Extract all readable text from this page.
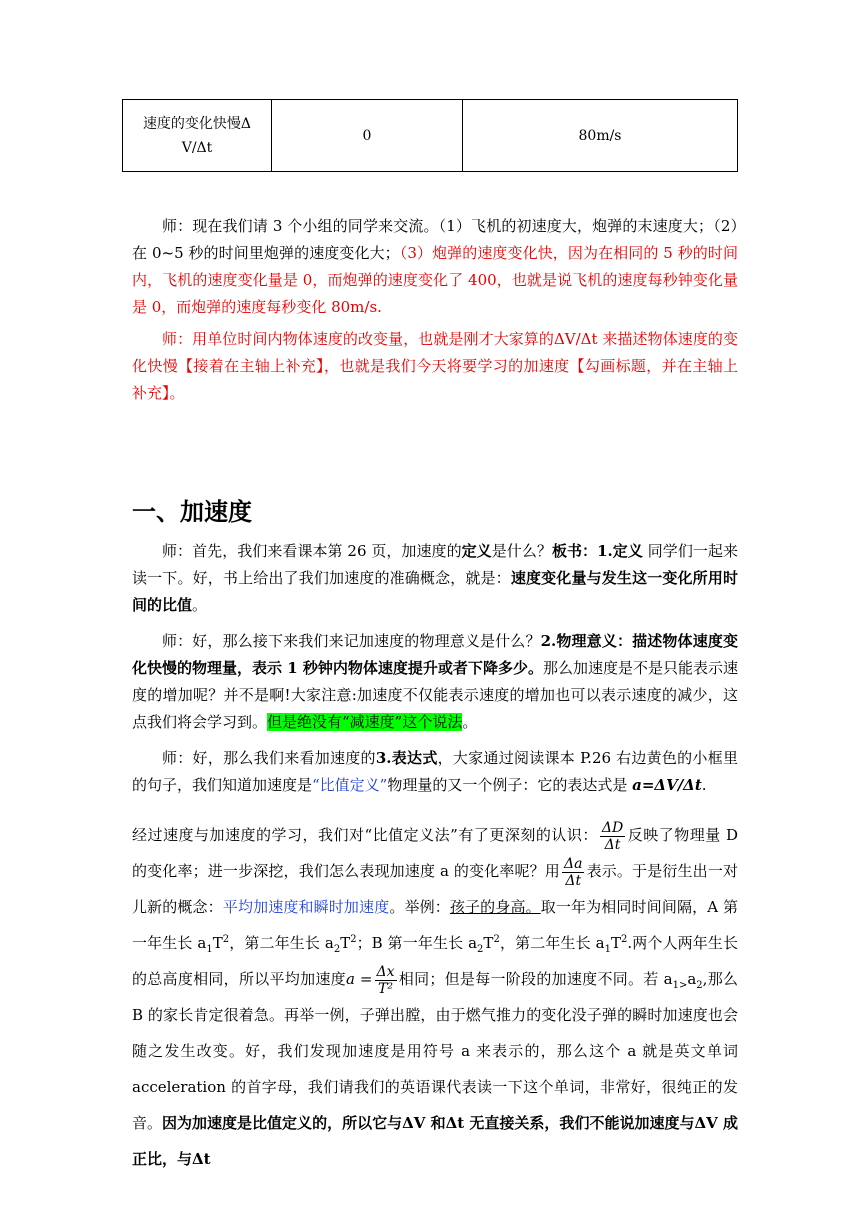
速度的变化快慢Δ
V/Δt	0	80m/s
师：现在我们请 3 个小组的同学来交流。（1）飞机的初速度大，炮弹的末速度大；（2）在 0~5 秒的时间里炮弹的速度变化大；（3）炮弹的速度变化快，因为在相同的 5 秒的时间内，飞机的速度变化量是 0，而炮弹的速度变化了 400，也就是说飞机的速度每秒钟变化量是 0，而炮弹的速度每秒变化 80m/s.
师：用单位时间内物体速度的改变量，也就是刚才大家算的ΔV/Δt 来描述物体速度的变化快慢【接着在主轴上补充】，也就是我们今天将要学习的加速度【勾画标题，并在主轴上补充】。
一、加速度
师：首先，我们来看课本第 26 页，加速度的定义是什么？板书：1.定义 同学们一起来读一下。好，书上给出了我们加速度的准确概念，就是：速度变化量与发生这一变化所用时间的比值。
师：好，那么接下来我们来记加速度的物理意义是什么？2.物理意义：描述物体速度变化快慢的物理量，表示 1 秒钟内物体速度提升或者下降多少。那么加速度是不是只能表示速度的增加呢？并不是啊!大家注意:加速度不仅能表示速度的增加也可以表示速度的减少，这点我们将会学习到。但是绝没有“减速度”这个说法。
师：好，那么我们来看加速度的3.表达式，大家通过阅读课本 P.26 右边黄色的小框里的句子，我们知道加速度是“比值定义”物理量的又一个例子：它的表达式是 a=ΔV/Δt.
经过速度与加速度的学习，我们对“比值定义法”有了更深刻的认识： $\frac{\Delta D}{\Delta t}$ 反映了物理量 D 的变化率；进一步深挖，我们怎么表现加速度 a 的变化率呢？用 $\frac{\Delta a}{\Delta t}$ 表示。于是衍生出一对儿新的概念：平均加速度和瞬时加速度。举例：孩子的身高。取一年为相同时间间隔，A 第一年生长 $a_1T^2$，第二年生长 $a_2T^2$；B 第一年生长 $a_2T^2$，第二年生长 $a_1T^2$.两个人两年生长的总高度相同，所以平均加速度$a = \frac{\Delta x}{\text{T²}}$ 相同；但是每一阶段的加速度不同。若 $a_{1>}a_2$,那么 B 的家长肯定很着急。再举一例，子弹出膛，由于燃气推力的变化没子弹的瞬时加速度也会随之发生改变。好，我们发现加速度是用符号 a 来表示的，那么这个 a 就是英文单词 acceleration 的首字母，我们请我们的英语课代表读一下这个单词，非常好，很纯正的发音。因为加速度是比值定义的，所以它与ΔV 和Δt 无直接关系，我们不能说加速度与ΔV 成正比，与Δt
